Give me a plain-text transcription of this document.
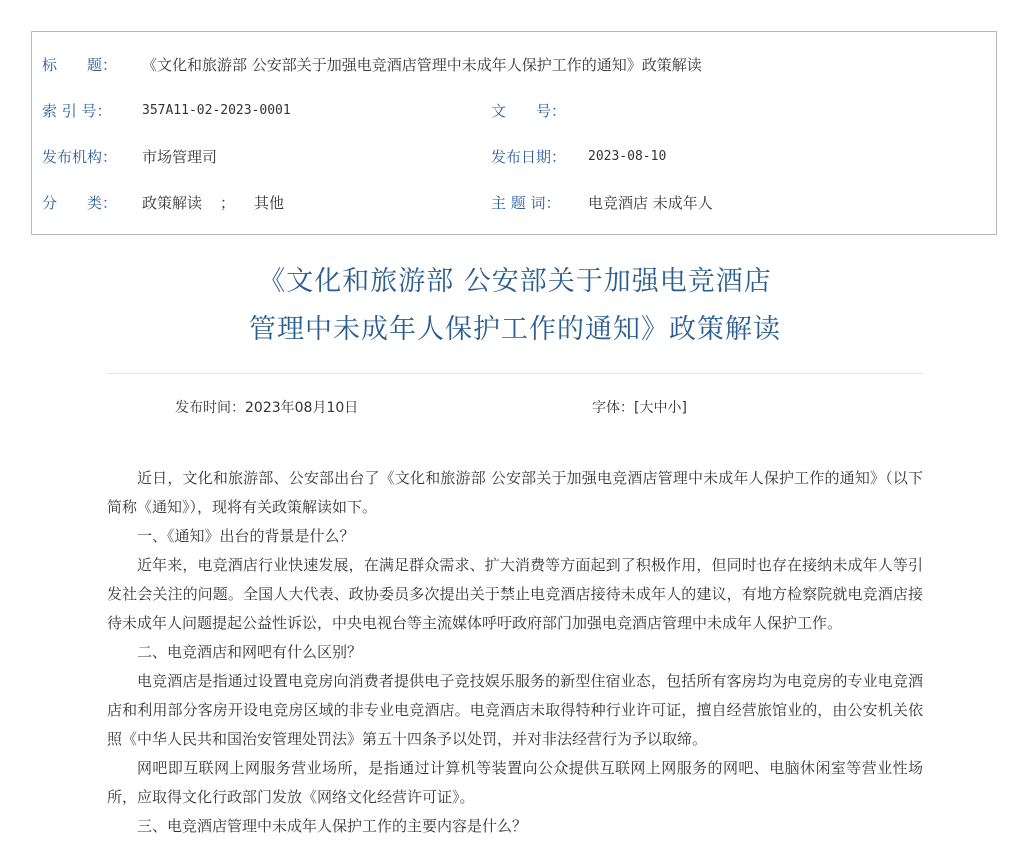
标　　题： 《文化和旅游部 公安部关于加强电竞酒店管理中未成年人保护工作的通知》政策解读
索 引 号： 357A11-02-2023-0001	文　　号：
发布机构： 市场管理司	发布日期： 2023-08-10
分　　类： 政策解读 ； 其他	主 题 词： 电竞酒店 未成年人
《文化和旅游部 公安部关于加强电竞酒店
管理中未成年人保护工作的通知》政策解读
发布时间：2023年08月10日	字体：[大中小]

近日，文化和旅游部、公安部出台了《文化和旅游部 公安部关于加强电竞酒店管理中未成年人保护工作的通知》（以下简称《通知》），现将有关政策解读如下。

一、《通知》出台的背景是什么？

近年来，电竞酒店行业快速发展，在满足群众需求、扩大消费等方面起到了积极作用，但同时也存在接纳未成年人等引发社会关注的问题。全国人大代表、政协委员多次提出关于禁止电竞酒店接待未成年人的建议，有地方检察院就电竞酒店接待未成年人问题提起公益性诉讼，中央电视台等主流媒体呼吁政府部门加强电竞酒店管理中未成年人保护工作。

二、电竞酒店和网吧有什么区别？

电竞酒店是指通过设置电竞房向消费者提供电子竞技娱乐服务的新型住宿业态，包括所有客房均为电竞房的专业电竞酒店和利用部分客房开设电竞房区域的非专业电竞酒店。电竞酒店未取得特种行业许可证，擅自经营旅馆业的，由公安机关依照《中华人民共和国治安管理处罚法》第五十四条予以处罚，并对非法经营行为予以取缔。

网吧即互联网上网服务营业场所，是指通过计算机等装置向公众提供互联网上网服务的网吧、电脑休闲室等营业性场所，应取得文化行政部门发放《网络文化经营许可证》。

三、电竞酒店管理中未成年人保护工作的主要内容是什么？
